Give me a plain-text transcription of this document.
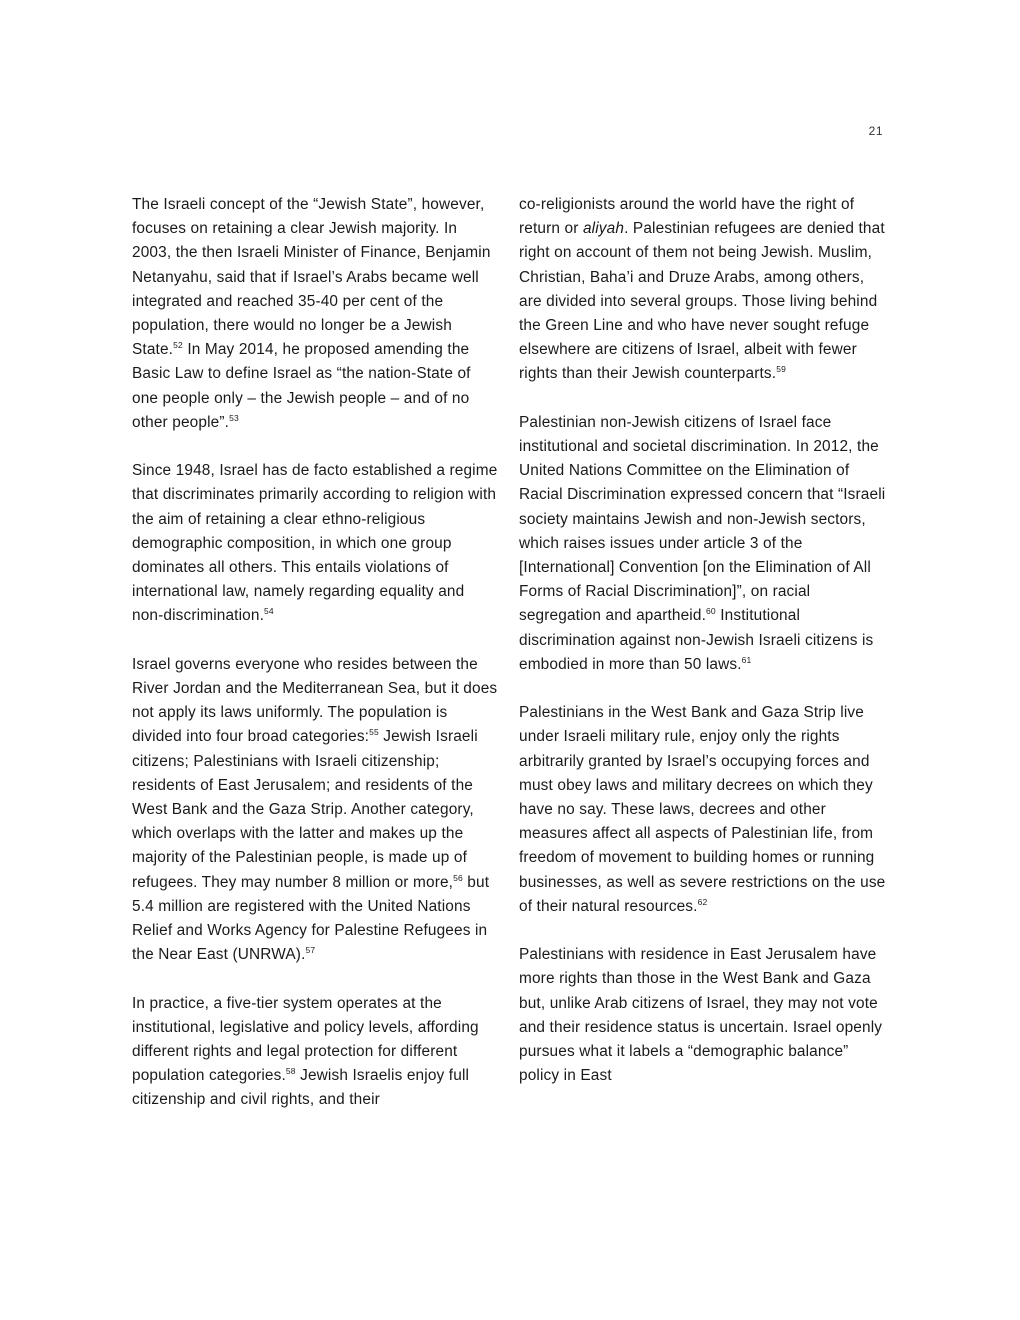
21

The Israeli concept of the “Jewish State”, however, focuses on retaining a clear Jewish majority. In 2003, the then Israeli Minister of Finance, Benjamin Netanyahu, said that if Israel’s Arabs became well integrated and reached 35-40 per cent of the population, there would no longer be a Jewish State.$^{52}$ In May 2014, he proposed amending the Basic Law to define Israel as “the nation-State of one people only – the Jewish people – and of no other people”.$^{53}$

Since 1948, Israel has de facto established a regime that discriminates primarily according to religion with the aim of retaining a clear ethno-religious demographic composition, in which one group dominates all others. This entails violations of international law, namely regarding equality and non-discrimination.$^{54}$

Israel governs everyone who resides between the River Jordan and the Mediterranean Sea, but it does not apply its laws uniformly. The population is divided into four broad categories:$^{55}$ Jewish Israeli citizens; Palestinians with Israeli citizenship; residents of East Jerusalem; and residents of the West Bank and the Gaza Strip. Another category, which overlaps with the latter and makes up the majority of the Palestinian people, is made up of refugees. They may number 8 million or more,$^{56}$ but 5.4 million are registered with the United Nations Relief and Works Agency for Palestine Refugees in the Near East (UNRWA).$^{57}$

In practice, a five-tier system operates at the institutional, legislative and policy levels, affording different rights and legal protection for different population categories.$^{58}$ Jewish Israelis enjoy full citizenship and civil rights, and their

co-religionists around the world have the right of return or aliyah. Palestinian refugees are denied that right on account of them not being Jewish. Muslim, Christian, Baha’i and Druze Arabs, among others, are divided into several groups. Those living behind the Green Line and who have never sought refuge elsewhere are citizens of Israel, albeit with fewer rights than their Jewish counterparts.$^{59}$

Palestinian non-Jewish citizens of Israel face institutional and societal discrimination. In 2012, the United Nations Committee on the Elimination of Racial Discrimination expressed concern that “Israeli society maintains Jewish and non-Jewish sectors, which raises issues under article 3 of the [International] Convention [on the Elimination of All Forms of Racial Discrimination]”, on racial segregation and apartheid.$^{60}$ Institutional discrimination against non-Jewish Israeli citizens is embodied in more than 50 laws.$^{61}$

Palestinians in the West Bank and Gaza Strip live under Israeli military rule, enjoy only the rights arbitrarily granted by Israel’s occupying forces and must obey laws and military decrees on which they have no say. These laws, decrees and other measures affect all aspects of Palestinian life, from freedom of movement to building homes or running businesses, as well as severe restrictions on the use of their natural resources.$^{62}$

Palestinians with residence in East Jerusalem have more rights than those in the West Bank and Gaza but, unlike Arab citizens of Israel, they may not vote and their residence status is uncertain. Israel openly pursues what it labels a “demographic balance” policy in East
